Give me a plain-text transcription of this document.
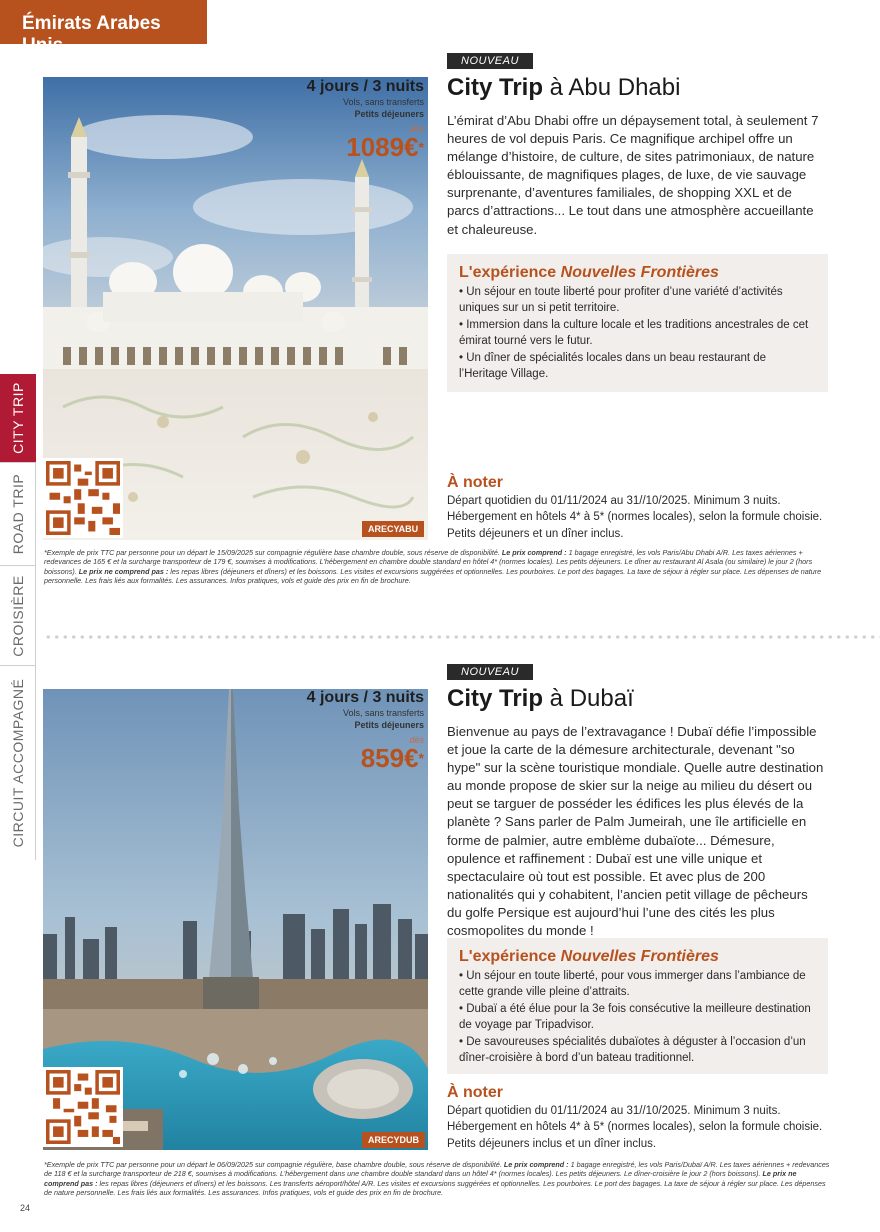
Émirats Arabes Unis
CITY TRIP
ROAD TRIP
CROISIÈRE
CIRCUIT ACCOMPAGNÉ
ARECYABU
4 jours / 3 nuits
Vols, sans transferts
Petits déjeuners
dès
1089€*
NOUVEAU
City Trip à Abu Dhabi
L’émirat d’Abu Dhabi offre un dépaysement total, à seulement 7 heures de vol depuis Paris. Ce magnifique archipel offre un mélange d’histoire, de culture, de sites patrimoniaux, de nature éblouissante, de magnifiques plages, de luxe, de vie sauvage surprenante, d’aventures familiales, de shopping XXL et de parcs d’attractions... Le tout dans une atmosphère accueillante et chaleureuse.
L'expérience Nouvelles Frontières
• Un séjour en toute liberté pour profiter d’une variété d’activités uniques sur un si petit territoire.
• Immersion dans la culture locale et les traditions ancestrales de cet émirat tourné vers le futur.
• Un dîner de spécialités locales dans un beau restaurant de l’Heritage Village.
À noter
Départ quotidien du 01/11/2024 au 31//10/2025. Minimum 3 nuits.
Hébergement en hôtels 4* à 5* (normes locales), selon la formule choisie.
Petits déjeuners et un dîner inclus.
*Exemple de prix TTC par personne pour un départ le 15/09/2025 sur compagnie régulière base chambre double, sous réserve de disponibilité. Le prix comprend : 1 bagage enregistré, les vols Paris/Abu Dhabi A/R. Les taxes aériennes + redevances de 165 € et la surcharge transporteur de 179 €, soumises à modifications. L’hébergement en chambre double standard en hôtel 4* (normes locales). Les petits déjeuners. Le dîner au restaurant Al Asala (ou similaire) le jour 2 (hors boissons). Le prix ne comprend pas : les repas libres (déjeuners et dîners) et les boissons. Les visites et excursions suggérées et optionnelles. Les pourboires. Le port des bagages. La taxe de séjour à régler sur place. Les dépenses de nature personnelle. Les frais liés aux formalités. Les assurances. Infos pratiques, vols et guide des prix en fin de brochure.
ARECYDUB
4 jours / 3 nuits
Vols, sans transferts
Petits déjeuners
dès
859€*
NOUVEAU
City Trip à Dubaï
Bienvenue au pays de l’extravagance ! Dubaï défie l’impossible et joue la carte de la démesure architecturale, devenant "so hype" sur la scène touristique mondiale. Quelle autre destination au monde propose de skier sur la neige au milieu du désert ou peut se targuer de posséder les édifices les plus élevés de la planète ? Sans parler de Palm Jumeirah, une île artificielle en forme de palmier, autre emblème dubaïote... Démesure, opulence et raffinement : Dubaï est une ville unique et spectaculaire où tout est possible. Et avec plus de 200 nationalités qui y cohabitent, l’ancien petit village de pêcheurs du golfe Persique est aujourd’hui l’une des cités les plus cosmopolites du monde !
L'expérience Nouvelles Frontières
• Un séjour en toute liberté, pour vous immerger dans l’ambiance de cette grande ville pleine d’attraits.
• Dubaï a été élue pour la 3e fois consécutive la meilleure destination de voyage par Tripadvisor.
• De savoureuses spécialités dubaïotes à déguster à l’occasion d’un dîner-croisière à bord d’un bateau traditionnel.
À noter
Départ quotidien du 01/11/2024 au 31//10/2025. Minimum 3 nuits.
Hébergement en hôtels 4* à 5* (normes locales), selon la formule choisie.
Petits déjeuners inclus et un dîner inclus.
*Exemple de prix TTC par personne pour un départ le 06/09/2025 sur compagnie régulière, base chambre double, sous réserve de disponibilité. Le prix comprend : 1 bagage enregistré, les vols Paris/Dubaï A/R. Les taxes aériennes + redevances de 118 € et la surcharge transporteur de 218 €, soumises à modifications. L’hébergement dans une chambre double standard dans un hôtel 4* (normes locales). Les petits déjeuners. Le dîner-croisière le jour 2 (hors boissons). Le prix ne comprend pas : les repas libres (déjeuners et dîners) et les boissons. Les transferts aéroport/hôtel A/R. Les visites et excursions suggérées et optionnelles. Les pourboires. Le port des bagages. La taxe de séjour à régler sur place. Les dépenses de nature personnelle. Les frais liés aux formalités. Les assurances. Infos pratiques, vols et guide des prix en fin de brochure.
24
